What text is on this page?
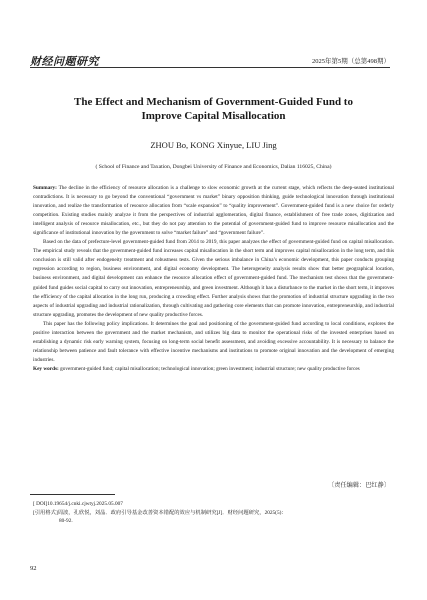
财经问题研究	2025年第5期（总第498期）
The Effect and Mechanism of Government-Guided Fund to
Improve Capital Misallocation
ZHOU Bo, KONG Xinyue, LIU Jing
( School of Finance and Taxation, Dongbei University of Finance and Economics, Dalian 116025, China)

Summary: The decline in the efficiency of resource allocation is a challenge to slow economic growth at the current stage, which reflects the deep-seated institutional contradictions. It is necessary to go beyond the conventional “government vs market” binary opposition thinking, guide technological innovation through institutional innovation, and realize the transformation of resource allocation from “scale expansion” to “quality improvement”. Government-guided fund is a new choice for orderly competition. Existing studies mainly analyze it from the perspectives of industrial agglomeration, digital finance, establishment of free trade zones, digitization and intelligent analysis of resource misallocation, etc., but they do not pay attention to the potential of government-guided fund to improve resource misallocation and the significance of institutional innovation by the government to solve “market failure” and “government failure”.

Based on the data of prefecture-level government-guided fund from 2014 to 2019, this paper analyzes the effect of government-guided fund on capital misallocation. The empirical study reveals that the government-guided fund increases capital misallocation in the short term and improves capital misallocation in the long term, and this conclusion is still valid after endogeneity treatment and robustness tests. Given the serious imbalance in China’s economic development, this paper conducts grouping regression according to region, business environment, and digital economy development. The heterogeneity analysis results show that better geographical location, business environment, and digital development can enhance the resource allocation effect of government-guided fund. The mechanism test shows that the government-guided fund guides social capital to carry out innovation, entrepreneurship, and green investment. Although it has a disturbance to the market in the short term, it improves the efficiency of the capital allocation in the long run, producing a crowding effect. Further analysis shows that the promotion of industrial structure upgrading in the two aspects of industrial upgrading and industrial rationalization, through cultivating and gathering core elements that can promote innovation, entrepreneurship, and industrial structure upgrading, promotes the development of new quality productive forces.

This paper has the following policy implications. It determines the goal and positioning of the government-guided fund according to local conditions, explores the positive interaction between the government and the market mechanism, and utilizes big data to monitor the operational risks of the invested enterprises based on establishing a dynamic risk early warning system, focusing on long-term social benefit assessment, and avoiding excessive accountability. It is necessary to balance the relationship between patience and fault tolerance with effective incentive mechanisms and institutions to promote original innovation and the development of emerging industries.

Key words: government-guided fund; capital misallocation; technological innovation; green investment; industrial structure; new quality productive forces

〔责任编辑：巴红静〕
[ DOI]10.19654/j.cnki.cjwtyj.2025.05.007
[引用格式]周波，孔欣悦，刘晶．政府引导基金改善资本错配的效应与机制研究[J]．财经问题研究，2025(5)：
80-92.
92
